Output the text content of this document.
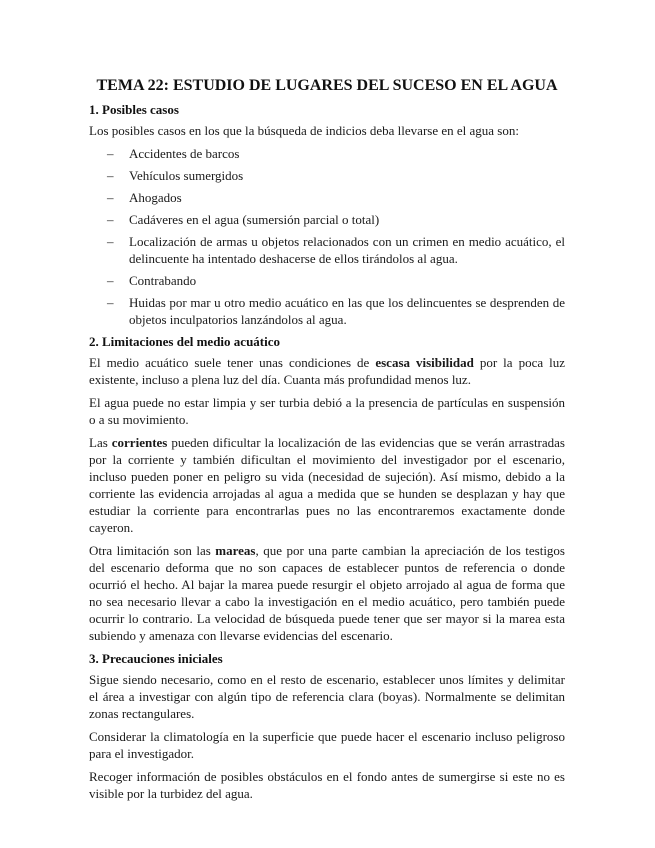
TEMA 22: ESTUDIO DE LUGARES DEL SUCESO EN EL AGUA
1. Posibles casos

Los posibles casos en los que la búsqueda de indicios deba llevarse en el agua son:

– Accidentes de barcos
– Vehículos sumergidos
– Ahogados
– Cadáveres en el agua (sumersión parcial o total)
– Localización de armas u objetos relacionados con un crimen en medio acuático, el delincuente ha intentado deshacerse de ellos tirándolos al agua.
– Contrabando
– Huidas por mar u otro medio acuático en las que los delincuentes se desprenden de objetos inculpatorios lanzándolos al agua.
2. Limitaciones del medio acuático

El medio acuático suele tener unas condiciones de escasa visibilidad por la poca luz existente, incluso a plena luz del día. Cuanta más profundidad menos luz.

El agua puede no estar limpia y ser turbia debió a la presencia de partículas en suspensión o a su movimiento.

Las corrientes pueden dificultar la localización de las evidencias que se verán arrastradas por la corriente y también dificultan el movimiento del investigador por el escenario, incluso pueden poner en peligro su vida (necesidad de sujeción). Así mismo, debido a la corriente las evidencia arrojadas al agua a medida que se hunden se desplazan y hay que estudiar la corriente para encontrarlas pues no las encontraremos exactamente donde cayeron.

Otra limitación son las mareas, que por una parte cambian la apreciación de los testigos del escenario deforma que no son capaces de establecer puntos de referencia o donde ocurrió el hecho. Al bajar la marea puede resurgir el objeto arrojado al agua de forma que no sea necesario llevar a cabo la investigación en el medio acuático, pero también puede ocurrir lo contrario. La velocidad de búsqueda puede tener que ser mayor si la marea esta subiendo y amenaza con llevarse evidencias del escenario.

3. Precauciones iniciales

Sigue siendo necesario, como en el resto de escenario, establecer unos límites y delimitar el área a investigar con algún tipo de referencia clara (boyas). Normalmente se delimitan zonas rectangulares.

Considerar la climatología en la superficie que puede hacer el escenario incluso peligroso para el investigador.

Recoger información de posibles obstáculos en el fondo antes de sumergirse si este no es visible por la turbidez del agua.
